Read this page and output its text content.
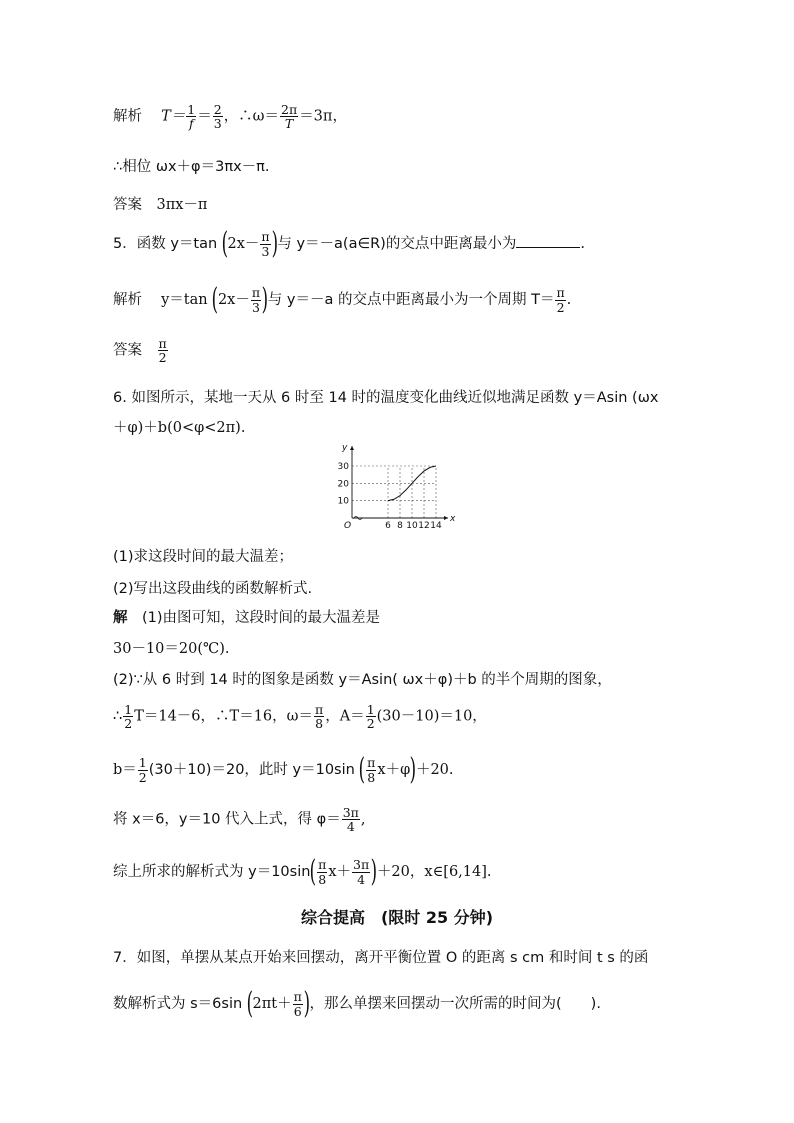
解析　 $T= \frac{1}{f} = \frac{2}{3}$ ，∴ω＝ $\frac{2\pi}{T} =3\pi$，
∴相位 ωx＋φ＝3πx－π.
答案　 3πx－π
5．函数 y＝tan ($2x- \frac{\pi}{3}$ )与 y＝－a(a∈R)的交点中距离最小为	.
解析　 y＝tan ($2x- \frac{\pi}{3}$ )与 y＝－a 的交点中距离最小为一个周期 $T= \frac{\pi}{2}$ .
答案　 $\frac{\pi}{2}$
6. 如图所示，某地一天从 6 时至 14 时的温度变化曲线近似地满足函数 y＝Asin (ωx
＋φ)＋b(0<φ<2π).
x
y
O	6 8 10 12 14
10
20
30
(1)求这段时间的最大温差；
(2)写出这段曲线的函数解析式.
解　 (1)由图可知，这段时间的最大温差是
30－10＝20(℃).
(2)∵从 6 时到 14 时的图象是函数 y＝Asin( ωx＋φ)＋b 的半个周期的图象，
∴ $\frac{1}{2} T=14-6$，∴T＝16，$\omega= \frac{\pi}{8}$ ，$A= \frac{1}{2} (30-10)=10$，
$b= \frac{1}{2} (30+10)=20$，此时 y＝10sin ( $\frac{\pi}{8} x+\varphi)+20$.
将 x＝6，y＝10 代入上式，得 $\varphi= \frac{3\pi}{4}$ ,
综上所求的解析式为 $y=10\sin( \frac{\pi}{8} x+ \frac{3\pi}{4} )+20$，x∈[6,14].
综合提高　(限时 25 分钟)
7．如图，单摆从某点开始来回摆动，离开平衡位置 O 的距离 s cm 和时间 t s 的函
数解析式为 s＝6sin ($2\pi t+ \frac{\pi}{6}$ )，那么单摆来回摆动一次所需的时间为(　　).
